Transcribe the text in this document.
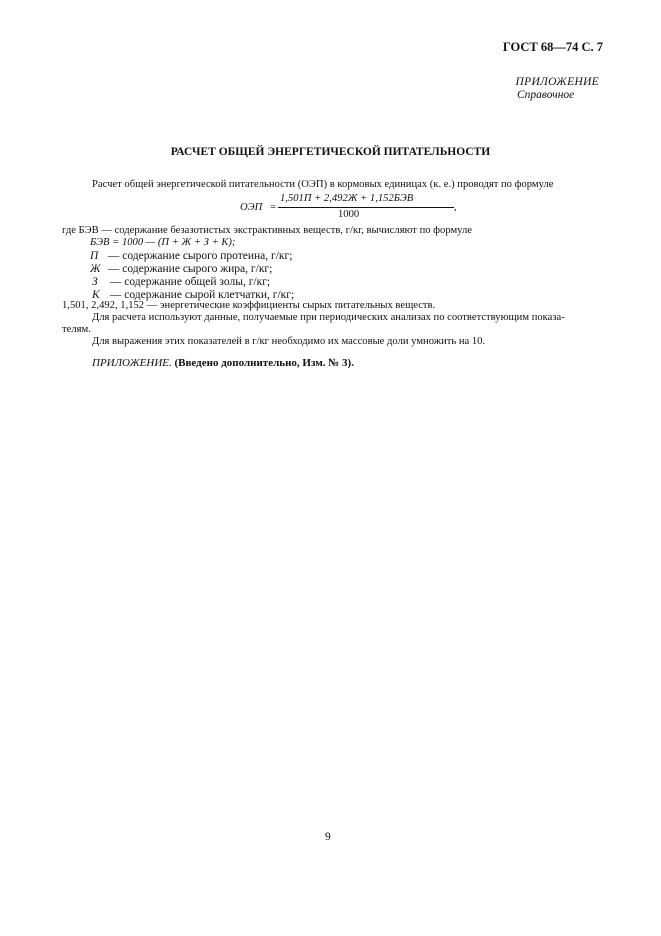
ГОСТ 68—74 С. 7
ПРИЛОЖЕНИЕ
Справочное
РАСЧЕТ ОБЩЕЙ ЭНЕРГЕТИЧЕСКОЙ ПИТАТЕЛЬНОСТИ
Расчет общей энергетической питательности (ОЭП) в кормовых единицах (к. е.) проводят по формуле
ОЭП =
1,501П + 2,492Ж + 1,152БЭВ
1000
,
где БЭВ — содержание безазотистых экстрактивных веществ, г/кг, вычисляют по формуле
БЭВ = 1000 — (П + Ж + З + К);
П — содержание сырого протеина, г/кг;
Ж — содержание сырого жира, г/кг;
З — содержание общей золы, г/кг;
К — содержание сырой клетчатки, г/кг;
1,501, 2,492, 1,152 — энергетические коэффициенты сырых питательных веществ.
Для расчета используют данные, получаемые при периодических анализах по соответствующим показа-
телям.
Для выражения этих показателей в г/кг необходимо их массовые доли умножить на 10.
ПРИЛОЖЕНИЕ. (Введено дополнительно, Изм. № 3).
9
